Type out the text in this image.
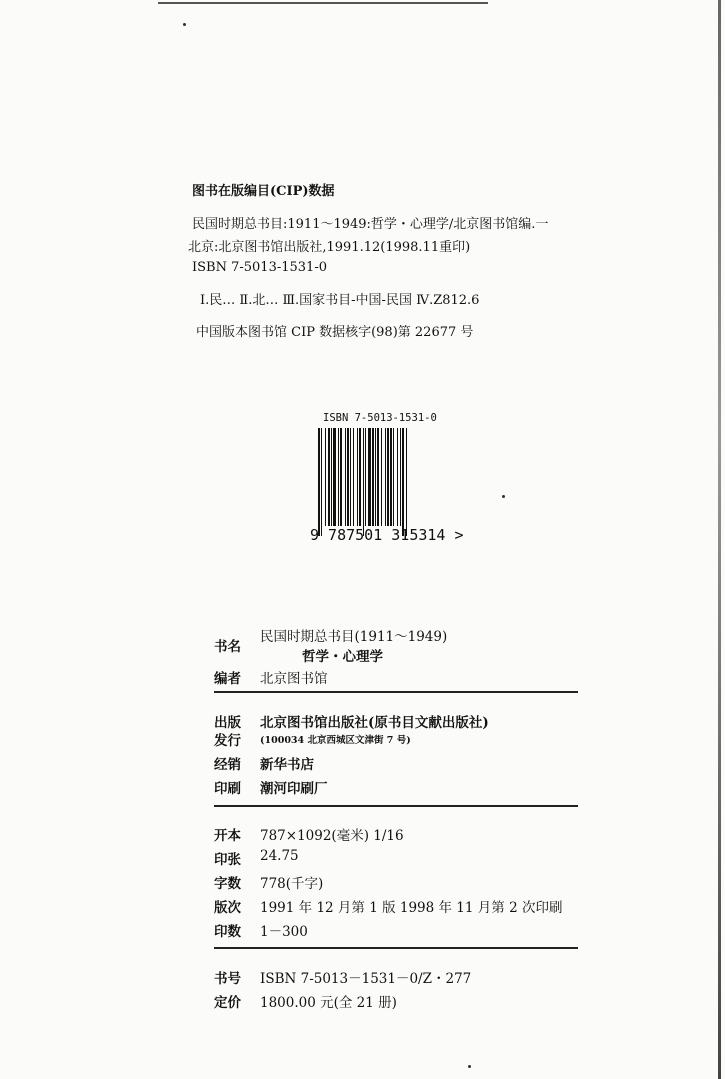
图书在版编目(CIP)数据
民国时期总书目:1911～1949:哲学・心理学/北京图书馆编.一
北京:北京图书馆出版社,1991.12(1998.11重印)
ISBN 7-5013-1531-0
Ⅰ.民… Ⅱ.北… Ⅲ.国家书目-中国-民国 Ⅳ.Z812.6
中国版本图书馆 CIP 数据核字(98)第 22677 号
ISBN 7-5013-1531-0
9 787501 315314 >
书名
民国时期总书目(1911～1949)
哲学・心理学
编者 北京图书馆
出版 北京图书馆出版社(原书目文献出版社)
发行 (100034 北京西城区文津街 7 号)
经销 新华书店
印刷 潮河印刷厂
开本 787×1092(毫米) 1/16
印张 24.75
字数 778(千字)
版次 1991 年 12 月第 1 版 1998 年 11 月第 2 次印刷
印数 1－300
书号 ISBN 7-5013－1531－0/Z・277
定价 1800.00 元(全 21 册)
